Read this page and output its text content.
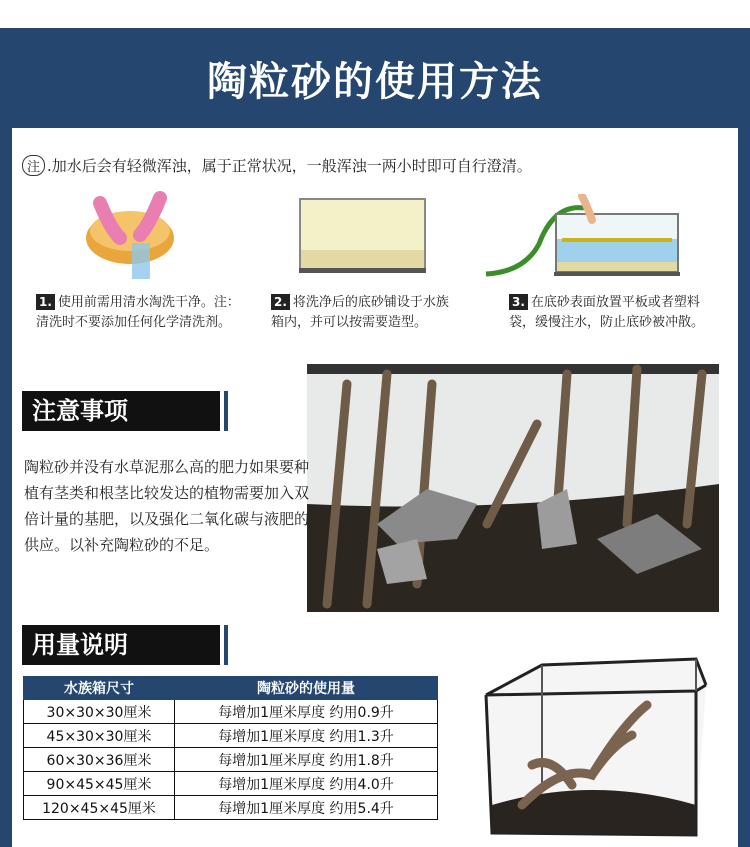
陶粒砂的使用方法
注 .加水后会有轻微浑浊，属于正常状况，一般浑浊一两小时即可自行澄清。
1. 使用前需用清水淘洗干净。注：清洗时不要添加任何化学清洗剂。
2. 将洗净后的底砂铺设于水族箱内，并可以按需要造型。
3. 在底砂表面放置平板或者塑料袋，缓慢注水，防止底砂被冲散。
注意事项
陶粒砂并没有水草泥那么高的肥力如果要种植有茎类和根茎比较发达的植物需要加入双倍计量的基肥，以及强化二氧化碳与液肥的供应。以补充陶粒砂的不足。
用量说明
水族箱尺寸	陶粒砂的使用量
30×30×30厘米	每增加1厘米厚度 约用0.9升
45×30×30厘米	每增加1厘米厚度 约用1.3升
60×30×36厘米	每增加1厘米厚度 约用1.8升
90×45×45厘米	每增加1厘米厚度 约用4.0升
120×45×45厘米	每增加1厘米厚度 约用5.4升
